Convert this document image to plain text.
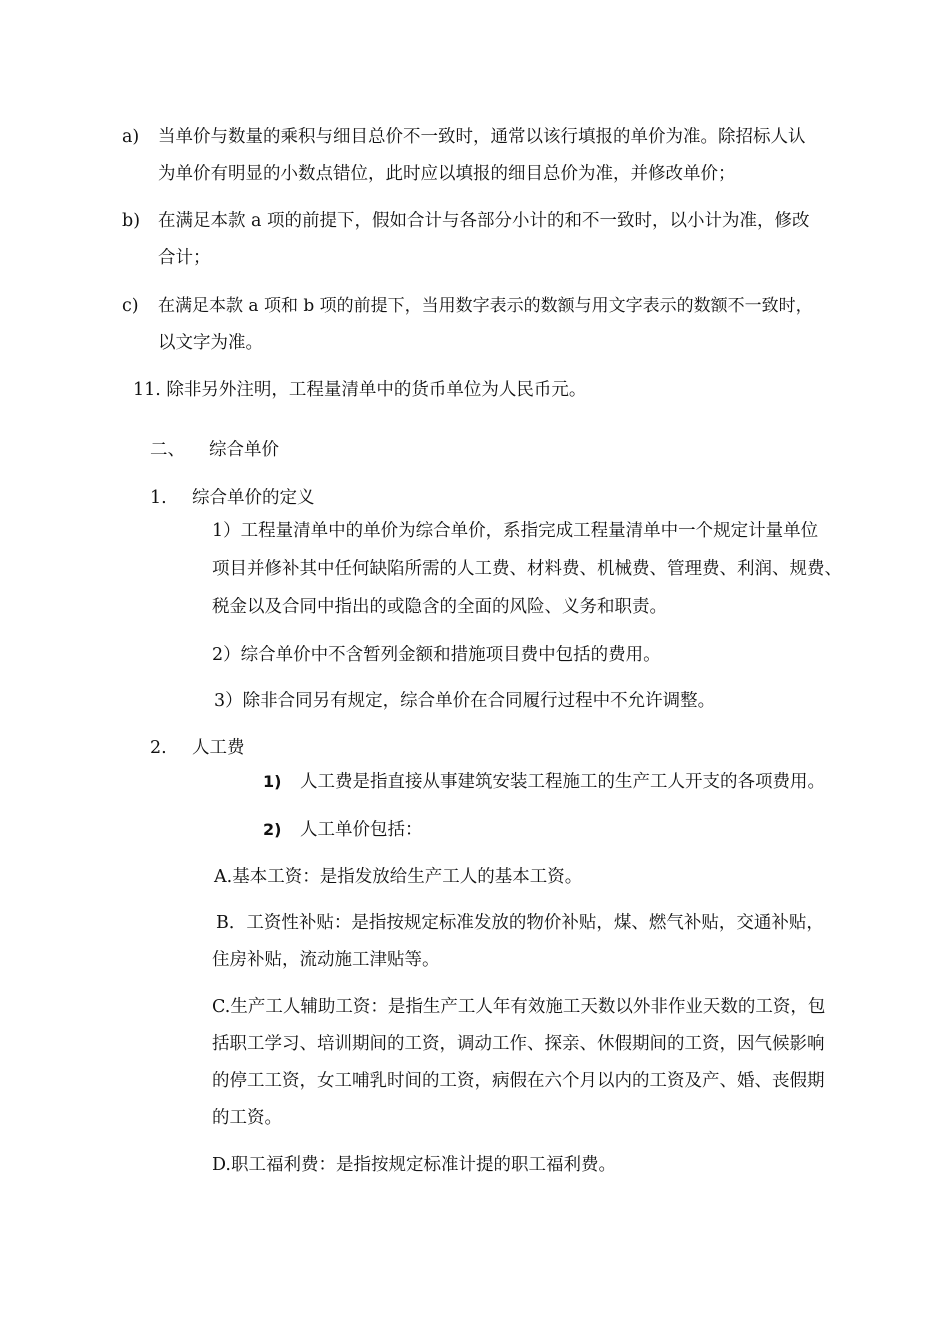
a) 当单价与数量的乘积与细目总价不一致时，通常以该行填报的单价为准。除招标人认
为单价有明显的小数点错位，此时应以填报的细目总价为准，并修改单价；
b) 在满足本款 a 项的前提下，假如合计与各部分小计的和不一致时，以小计为准，修改
合计；
c) 在满足本款 a 项和 b 项的前提下，当用数字表示的数额与用文字表示的数额不一致时，
以文字为准。
11. 除非另外注明，工程量清单中的货币单位为人民币元。
二、 综合单价
1. 综合单价的定义
1）工程量清单中的单价为综合单价，系指完成工程量清单中一个规定计量单位
项目并修补其中任何缺陷所需的人工费、材料费、机械费、管理费、利润、规费、
税金以及合同中指出的或隐含的全面的风险、义务和职责。
2）综合单价中不含暂列金额和措施项目费中包括的费用。
3）除非合同另有规定，综合单价在合同履行过程中不允许调整。
2. 人工费
1) 人工费是指直接从事建筑安装工程施工的生产工人开支的各项费用。
2) 人工单价包括：
A.基本工资：是指发放给生产工人的基本工资。
B．工资性补贴：是指按规定标准发放的物价补贴，煤、燃气补贴，交通补贴，
住房补贴，流动施工津贴等。
C.生产工人辅助工资：是指生产工人年有效施工天数以外非作业天数的工资，包
括职工学习、培训期间的工资，调动工作、探亲、休假期间的工资，因气候影响
的停工工资，女工哺乳时间的工资，病假在六个月以内的工资及产、婚、丧假期
的工资。
D.职工福利费：是指按规定标准计提的职工福利费。
